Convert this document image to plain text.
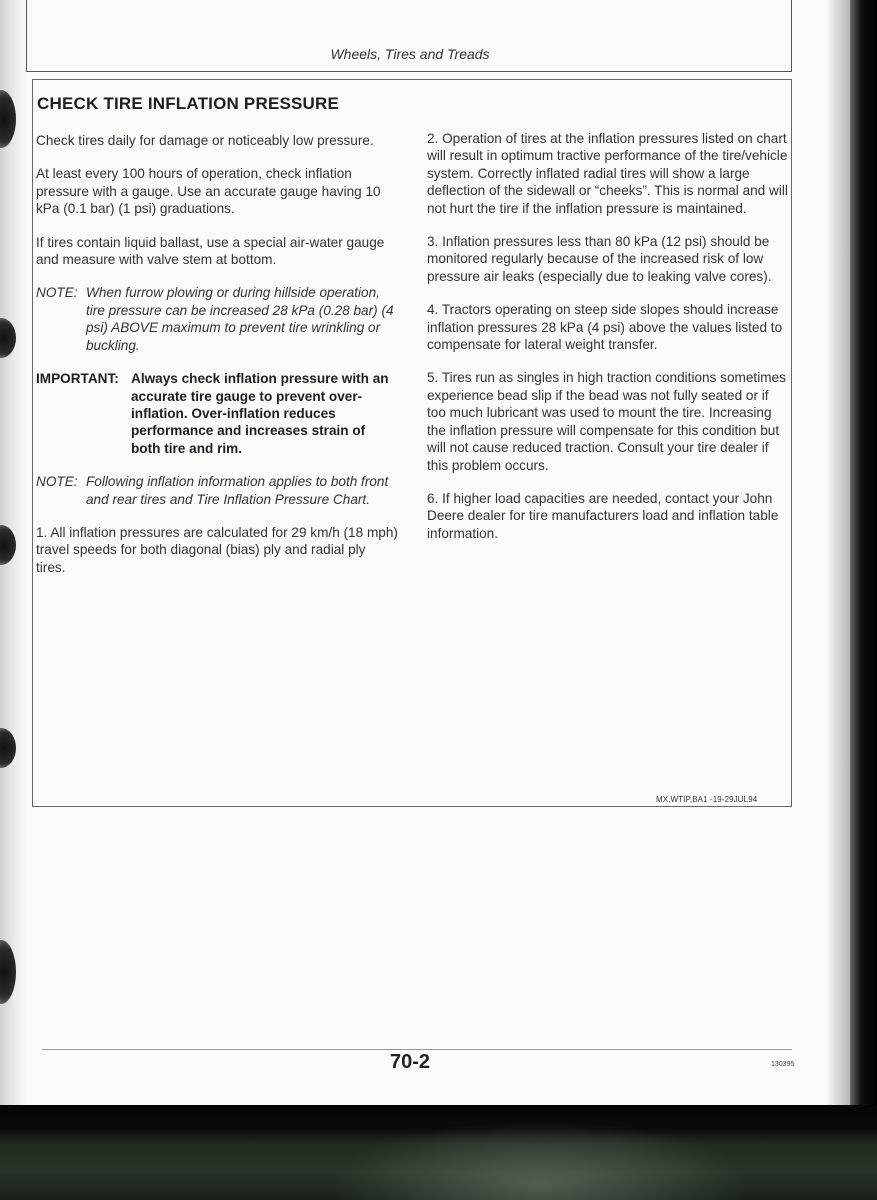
Wheels, Tires and Treads
CHECK TIRE INFLATION PRESSURE

Check tires daily for damage or noticeably low pressure.

At least every 100 hours of operation, check inflation pressure with a gauge. Use an accurate gauge having 10 kPa (0.1 bar) (1 psi) graduations.

If tires contain liquid ballast, use a special air-water gauge and measure with valve stem at bottom.

NOTE: When furrow plowing or during hillside operation, tire pressure can be increased 28 kPa (0.28 bar) (4 psi) ABOVE maximum to prevent tire wrinkling or buckling.
IMPORTANT: Always check inflation pressure with an accurate tire gauge to prevent over-inflation. Over-inflation reduces performance and increases strain of both tire and rim.
NOTE: Following inflation information applies to both front and rear tires and Tire Inflation Pressure Chart.

1. All inflation pressures are calculated for 29 km/h (18 mph) travel speeds for both diagonal (bias) ply and radial ply tires.

2. Operation of tires at the inflation pressures listed on chart will result in optimum tractive performance of the tire/vehicle system. Correctly inflated radial tires will show a large deflection of the sidewall or “cheeks”. This is normal and will not hurt the tire if the inflation pressure is maintained.

3. Inflation pressures less than 80 kPa (12 psi) should be monitored regularly because of the increased risk of low pressure air leaks (especially due to leaking valve cores).

4. Tractors operating on steep side slopes should increase inflation pressures 28 kPa (4 psi) above the values listed to compensate for lateral weight transfer.

5. Tires run as singles in high traction conditions sometimes experience bead slip if the bead was not fully seated or if too much lubricant was used to mount the tire. Increasing the inflation pressure will compensate for this condition but will not cause reduced traction. Consult your tire dealer if this problem occurs.

6. If higher load capacities are needed, contact your John Deere dealer for tire manufacturers load and inflation table information.

MX,WTIP,BA1 -19-29JUL94
70-2	130395
